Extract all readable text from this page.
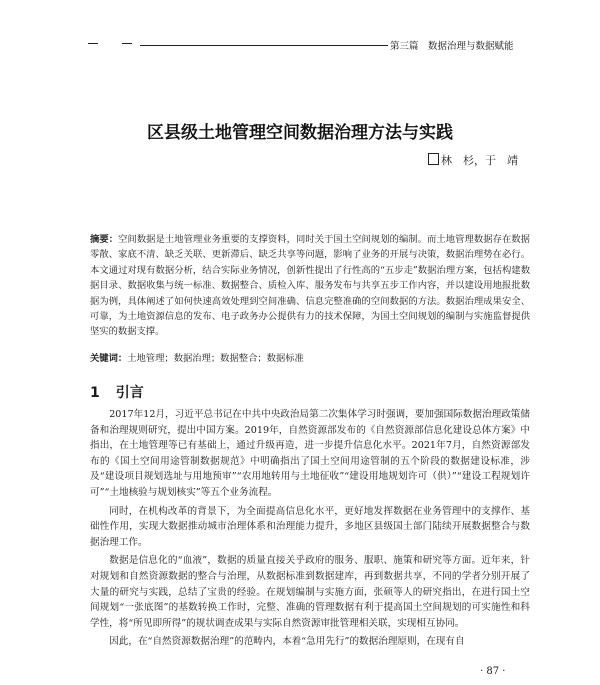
第三篇　数据治理与数据赋能
区县级土地管理空间数据治理方法与实践
林　杉，于　靖
摘要：空间数据是土地管理业务重要的支撑资料，同时关于国土空间规划的编制。而土地管理数据存在数据零散、家底不清、缺乏关联、更新滞后、缺乏共享等问题，影响了业务的开展与决策，数据治理势在必行。本文通过对现有数据分析，结合实际业务情况，创新性提出了行性高的“五步走”数据治理方案，包括构建数据目录、数据收集与统一标准、数据整合、质检入库、服务发布与共享五步工作内容，并以建设用地报批数据为例，具体阐述了如何快速高效处理到空间准确、信息完整准确的空间数据的方法。数据治理成果安全、可靠，为土地资源信息的发布、电子政务办公提供有力的技术保障，为国土空间规划的编制与实施监督提供坚实的数据支撑。
关键词：土地管理；数据治理；数据整合；数据标准
1 引言

2017年12月，习近平总书记在中共中央政治局第二次集体学习时强调，要加强国际数据治理政策储备和治理规则研究，提出中国方案。2019年，自然资源部发布的《自然资源部信息化建设总体方案》中指出，在土地管理等已有基础上，通过升级再造，进一步提升信息化水平。2021年7月，自然资源部发布的《国土空间用途管制数据规范》中明确指出了国土空间用途管制的五个阶段的数据建设标准，涉及“建设项目规划选址与用地预审”“农用地转用与土地征收”“建设用地规划许可（供）”“建设工程规划许可”“土地核验与规划核实”等五个业务流程。

同时，在机构改革的背景下，为全面提高信息化水平，更好地发挥数据在业务管理中的支撑作、基础性作用，实现大数据推动城市治理体系和治理能力提升，多地区县级国土部门陆续开展数据整合与数据治理工作。

数据是信息化的“血液”，数据的质量直接关乎政府的服务、服职、施策和研究等方面。近年来，针对规划和自然资源数据的整合与治理，从数据标准到数据建库，再到数据共享，不同的学者分别开展了大量的研究与实践，总结了宝贵的经验。在规划编制与实施方面，张硕等人的研究指出，在进行国土空间规划“一张底图”的基数转换工作时，完整、准确的管理数据有利于提高国土空间规划的可实施性和科学性，将“所见即所得”的规状调查成果与实际自然资源审批管理相关联，实现相互协同。

因此，在“自然资源数据治理”的范畴内，本着“急用先行”的数据治理原则，在现有自

· 87 ·
